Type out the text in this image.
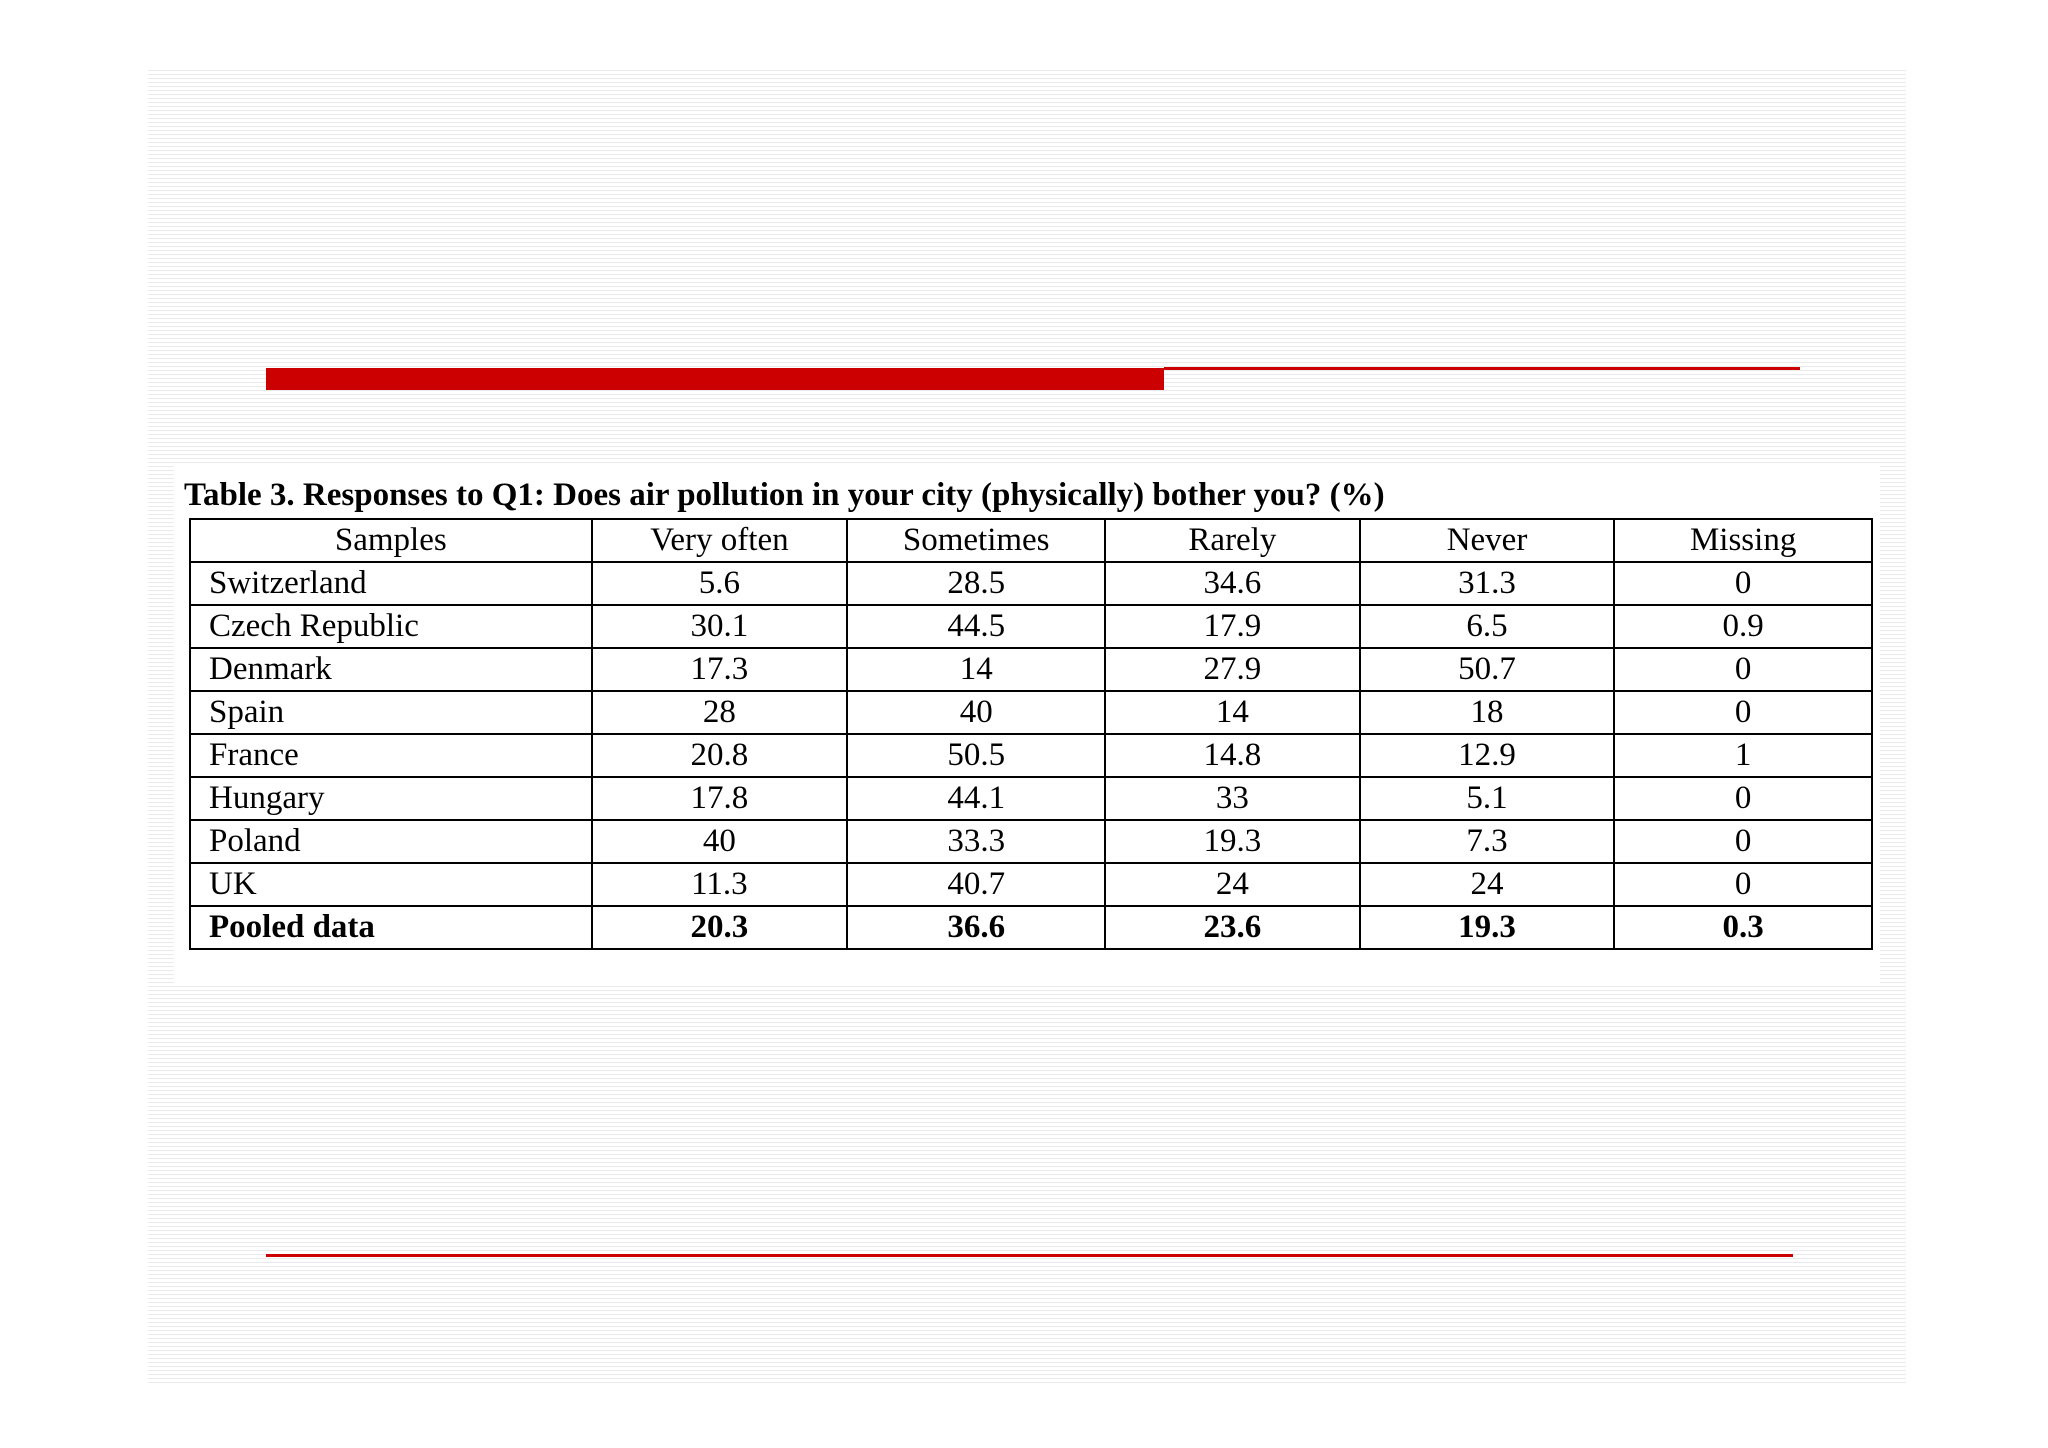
Table 3. Responses to Q1: Does air pollution in your city (physically) bother you? (%)
Samples	Very often	Sometimes	Rarely	Never	Missing
Switzerland	5.6	28.5	34.6	31.3	0
Czech Republic	30.1	44.5	17.9	6.5	0.9
Denmark	17.3	14	27.9	50.7	0
Spain	28	40	14	18	0
France	20.8	50.5	14.8	12.9	1
Hungary	17.8	44.1	33	5.1	0
Poland	40	33.3	19.3	7.3	0
UK	11.3	40.7	24	24	0
Pooled data	20.3	36.6	23.6	19.3	0.3
